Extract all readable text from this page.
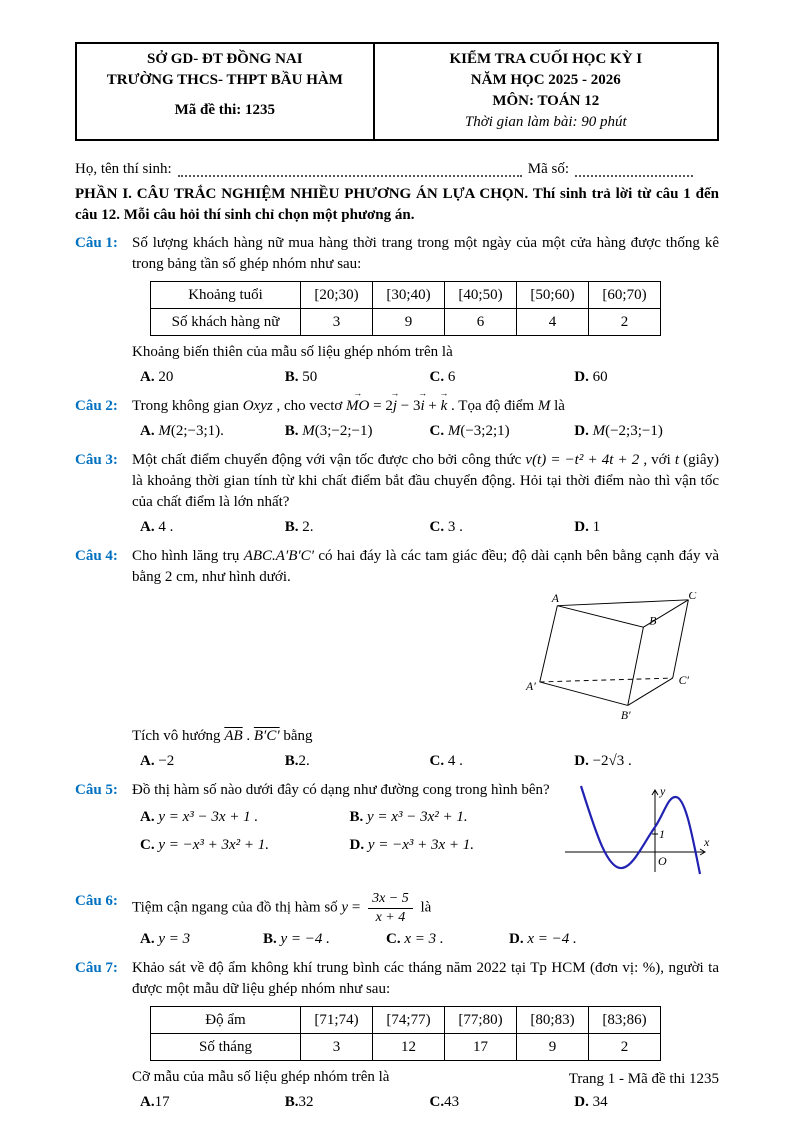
SỞ GD- ĐT ĐỒNG NAI
TRƯỜNG THCS- THPT BẦU HÀM
Mã đề thi: 1235
KIỂM TRA CUỐI HỌC KỲ I
NĂM HỌC 2025 - 2026
MÔN: TOÁN 12
Thời gian làm bài: 90 phút
Họ, tên thí sinh:	Mã số:
PHẦN I. CÂU TRẮC NGHIỆM NHIỀU PHƯƠNG ÁN LỰA CHỌN. Thí sinh trả lời từ câu 1 đến câu 12. Mỗi câu hỏi thí sinh chỉ chọn một phương án.
Câu 1: Số lượng khách hàng nữ mua hàng thời trang trong một ngày của một cửa hàng được thống kê trong bảng tần số ghép nhóm như sau:

Khoảng tuổi	[20;30)	[30;40)	[40;50)	[50;60)	[60;70)
Số khách hàng nữ	3	9	6	4	2

Khoảng biến thiên của mẫu số liệu ghép nhóm trên là

A. 20	B. 50	C. 6	D. 60
Câu 2: Trong không gian Oxyz , cho vectơ MO → = 2j → − 3i → + k → . Tọa độ điểm M là

A. M(2;−3;1).	B. M(3;−2;−1)	C. M(−3;2;1)	D. M(−2;3;−1)
Câu 3: Một chất điểm chuyển động với vận tốc được cho bởi công thức v(t) = −t² + 4t + 2 , với t (giây) là khoảng thời gian tính từ khi chất điểm bắt đầu chuyển động. Hỏi tại thời điểm nào thì vận tốc của chất điểm là lớn nhất?

A. 4 .	B. 2.	C. 3 .	D. 1
Câu 4: Cho hình lăng trụ ABC.A′B′C′ có hai đáy là các tam giác đều; độ dài cạnh bên bằng cạnh đáy và bằng 2 cm, như hình dưới.

A	C
B
A′	C′
B′

Tích vô hướng $\overline{AB}$ . B′C′ bằng

A. −2	B.2.	C. 4 .	D. −2√3 .
Câu 5: Đồ thị hàm số nào dưới đây có dạng như đường cong trong hình bên?

A. y = x³ − 3x + 1 .	B. y = x³ − 3x² + 1.
C. y = −x³ + 3x² + 1.	D. y = −x³ + 3x + 1.
y
x
O
1
Câu 6: Tiệm cận ngang của đồ thị hàm số $y = \frac{3x - 5}{x + 4}$ là

A. y = 3	B. y = −4 .	C. x = 3 .	D. x = −4 .
Câu 7: Khảo sát về độ ẩm không khí trung bình các tháng năm 2022 tại Tp HCM (đơn vị: %), người ta được một mẫu dữ liệu ghép nhóm như sau:

Độ ẩm	[71;74)	[74;77)	[77;80)	[80;83)	[83;86)
Số tháng	3	12	17	9	2

Cỡ mẫu của mẫu số liệu ghép nhóm trên là

A.17	B.32	C.43	D. 34
Trang 1 - Mã đề thi 1235
